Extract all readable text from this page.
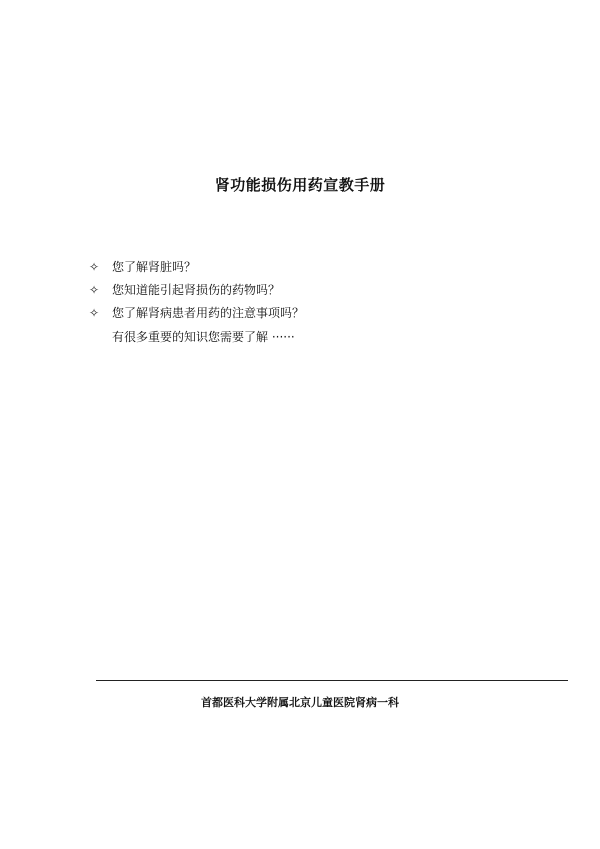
肾功能损伤用药宣教手册
✧ 您了解肾脏吗？
✧ 您知道能引起肾损伤的药物吗？
✧ 您了解肾病患者用药的注意事项吗？
有很多重要的知识您需要了解 ······
首都医科大学附属北京儿童医院肾病一科
